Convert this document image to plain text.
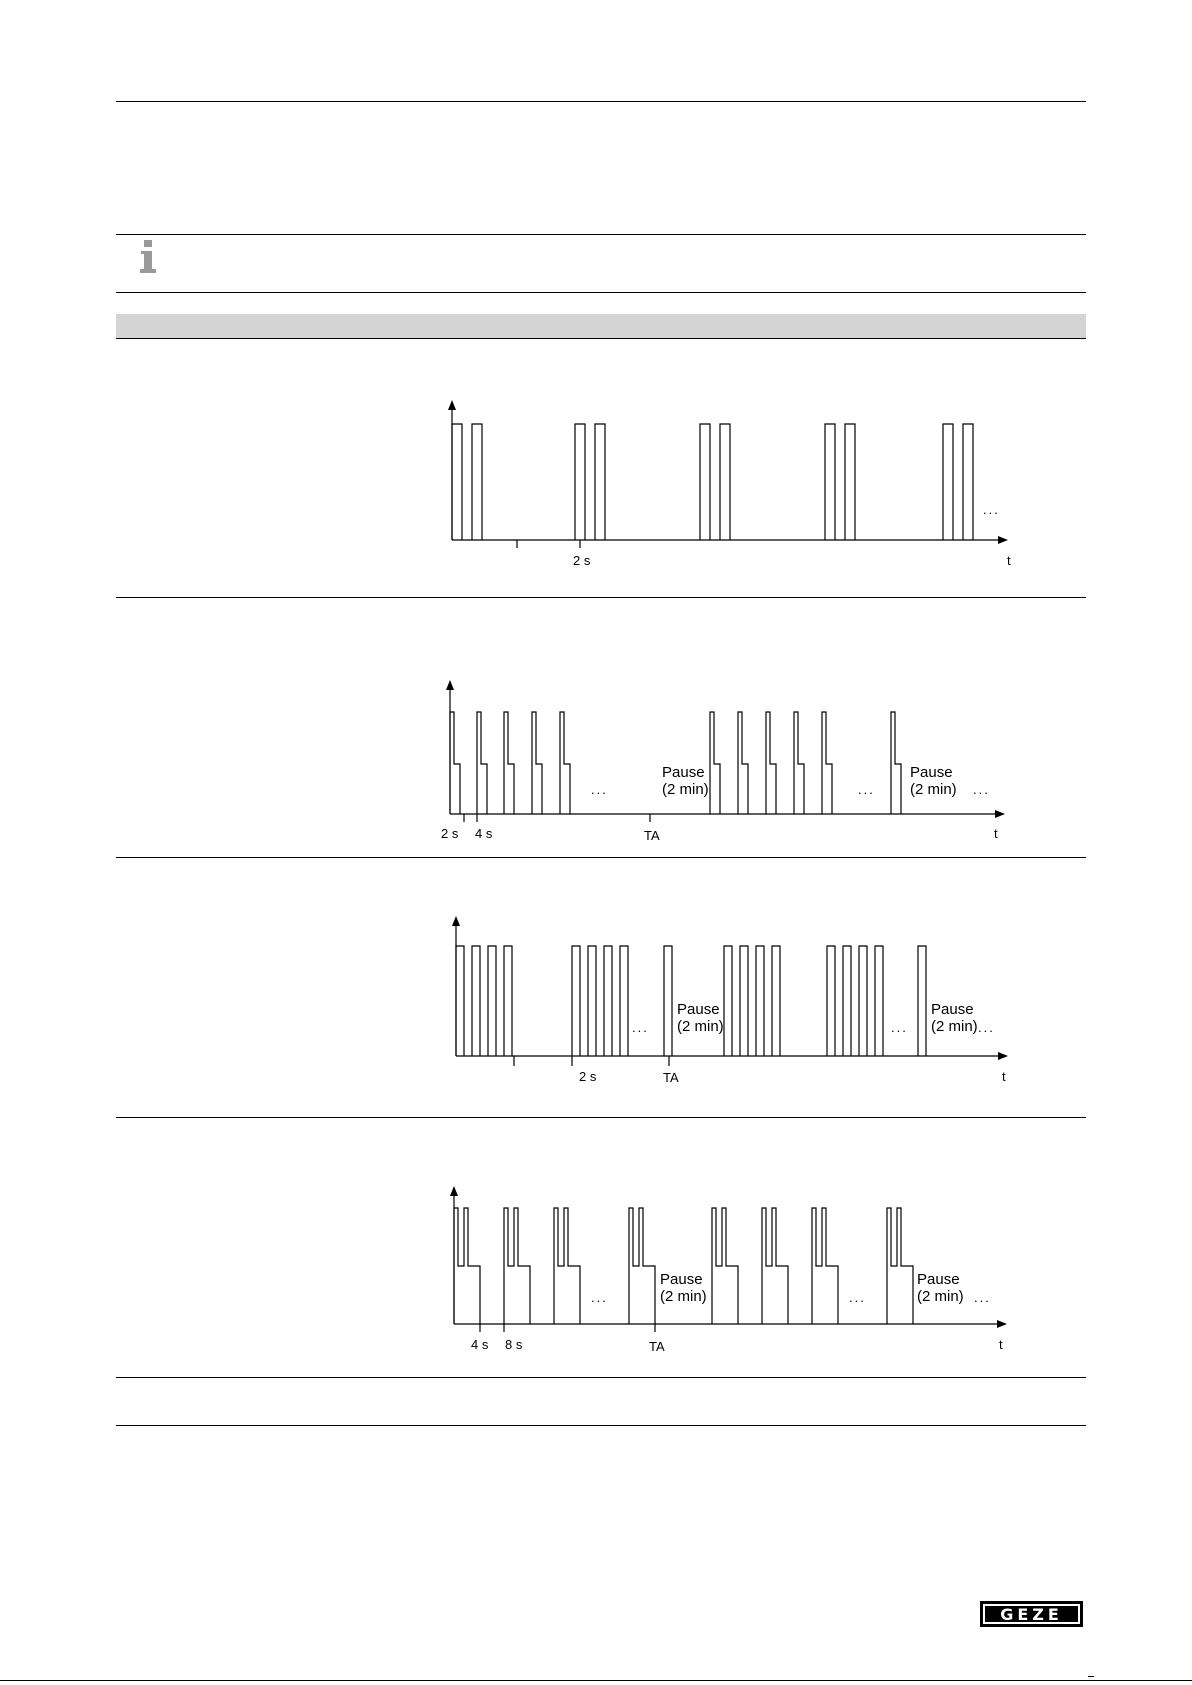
2 s	t
...
2 s 4 s	TA	t
...	...	...
Pause
(2 min)
Pause
(2 min)
2 s	TA	t
...	...	...
Pause
(2 min)
Pause
(2 min)
4 s 8 s	TA	t
...	...	...
Pause
(2 min)
Pause
(2 min)
GEZE
